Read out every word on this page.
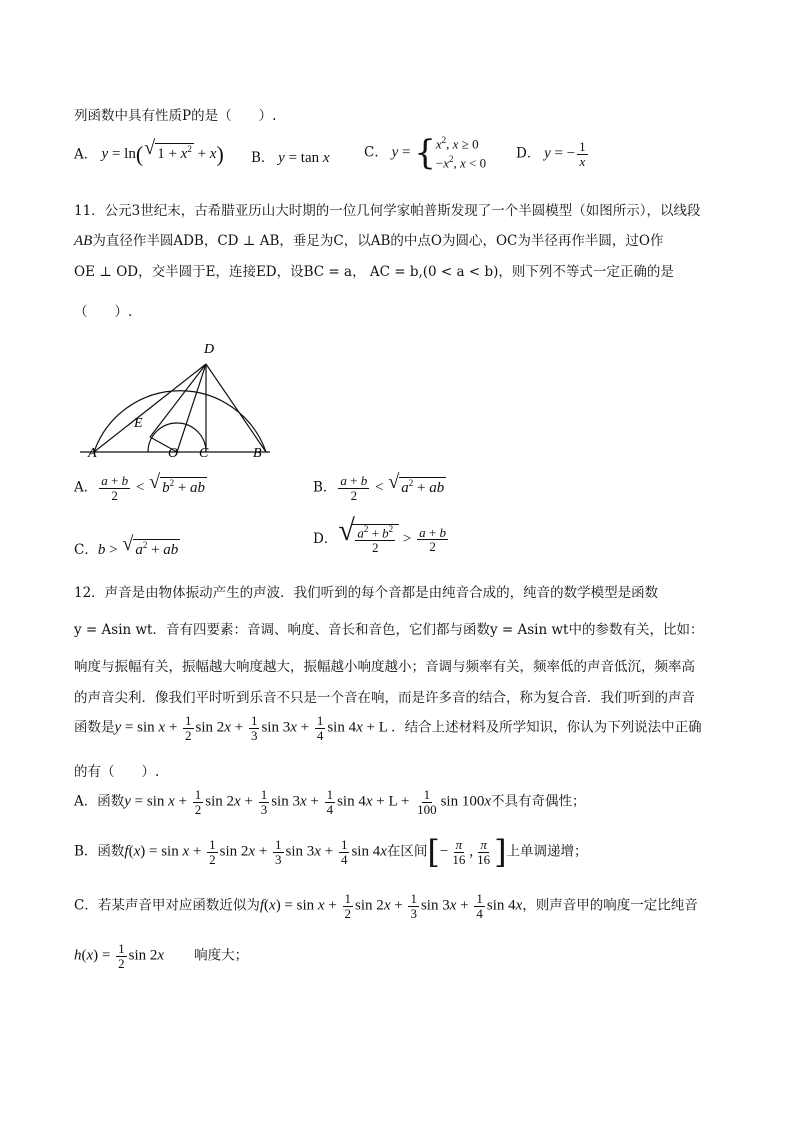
列函数中具有性质P的是（　　）.
A． y = ln( √ $1 + x^2 + x$) B． y = tan x	C． y = { $x^2$, x ≥ 0
$-x^2$, x < 0
D． y = − $\frac{1}{x}$
11．公元3世纪末，古希腊亚历山大时期的一位几何学家帕普斯发现了一个半圆模型（如图所示），以线段
AB为直径作半圆ADB，CD ⊥ AB，垂足为C，以AB的中点O为圆心，OC为半径再作半圆，过O作
OE ⊥ OD，交半圆于E，连接ED，设BC = a， AC = b,(0 < a < b)，则下列不等式一定正确的是
（　　）.
D
E
A	O C	B
A． $\frac{a + b}{2}$ < √ $b^2$ + ab	B． $\frac{a + b}{2}$ < √ $a^2$ + ab
C．b > √ $a^2$ + ab
D． √ $\frac{a^2 + b^2}{2} > \frac{a + b}{2}$
12．声音是由物体振动产生的声波．我们听到的每个音都是由纯音合成的，纯音的数学模型是函数
y = Asin wt．音有四要素：音调、响度、音长和音色，它们都与函数y = Asin wt中的参数有关，比如：
响度与振幅有关，振幅越大响度越大，振幅越小响度越小；音调与频率有关，频率低的声音低沉，频率高
的声音尖利．像我们平时听到乐音不只是一个音在响，而是许多音的结合，称为复合音．我们听到的声音
函数是$y = \sin x + \frac{1}{2}$ $\sin 2x + \frac{1}{3}$ $\sin 3x + \frac{1}{4}$ sin 4x + L ．结合上述材料及所学知识，你认为下列说法中正确
的有（　　）.
A．函数$y = \sin x + \frac{1}{2}$ $\sin 2x + \frac{1}{3}$ $\sin 3x + \frac{1}{4}$ $\sin 4x + L + \frac{1}{100}$ sin 100x不具有奇偶性；
B．函数$f(x) = \sin x + \frac{1}{2}$ $\sin 2x + \frac{1}{3}$ $\sin 3x + \frac{1}{4}$ sin 4x在区间[− $\frac{\pi}{16}$ , $\frac{\pi}{16}$ ]上单调递增；
C．若某声音甲对应函数近似为$f(x) = \sin x + \frac{1}{2}$ $\sin 2x + \frac{1}{3}$ $\sin 3x + \frac{1}{4}$ sin 4x，则声音甲的响度一定比纯音
$h(x) = \frac{1}{2}$ sin 2x 响度大；
